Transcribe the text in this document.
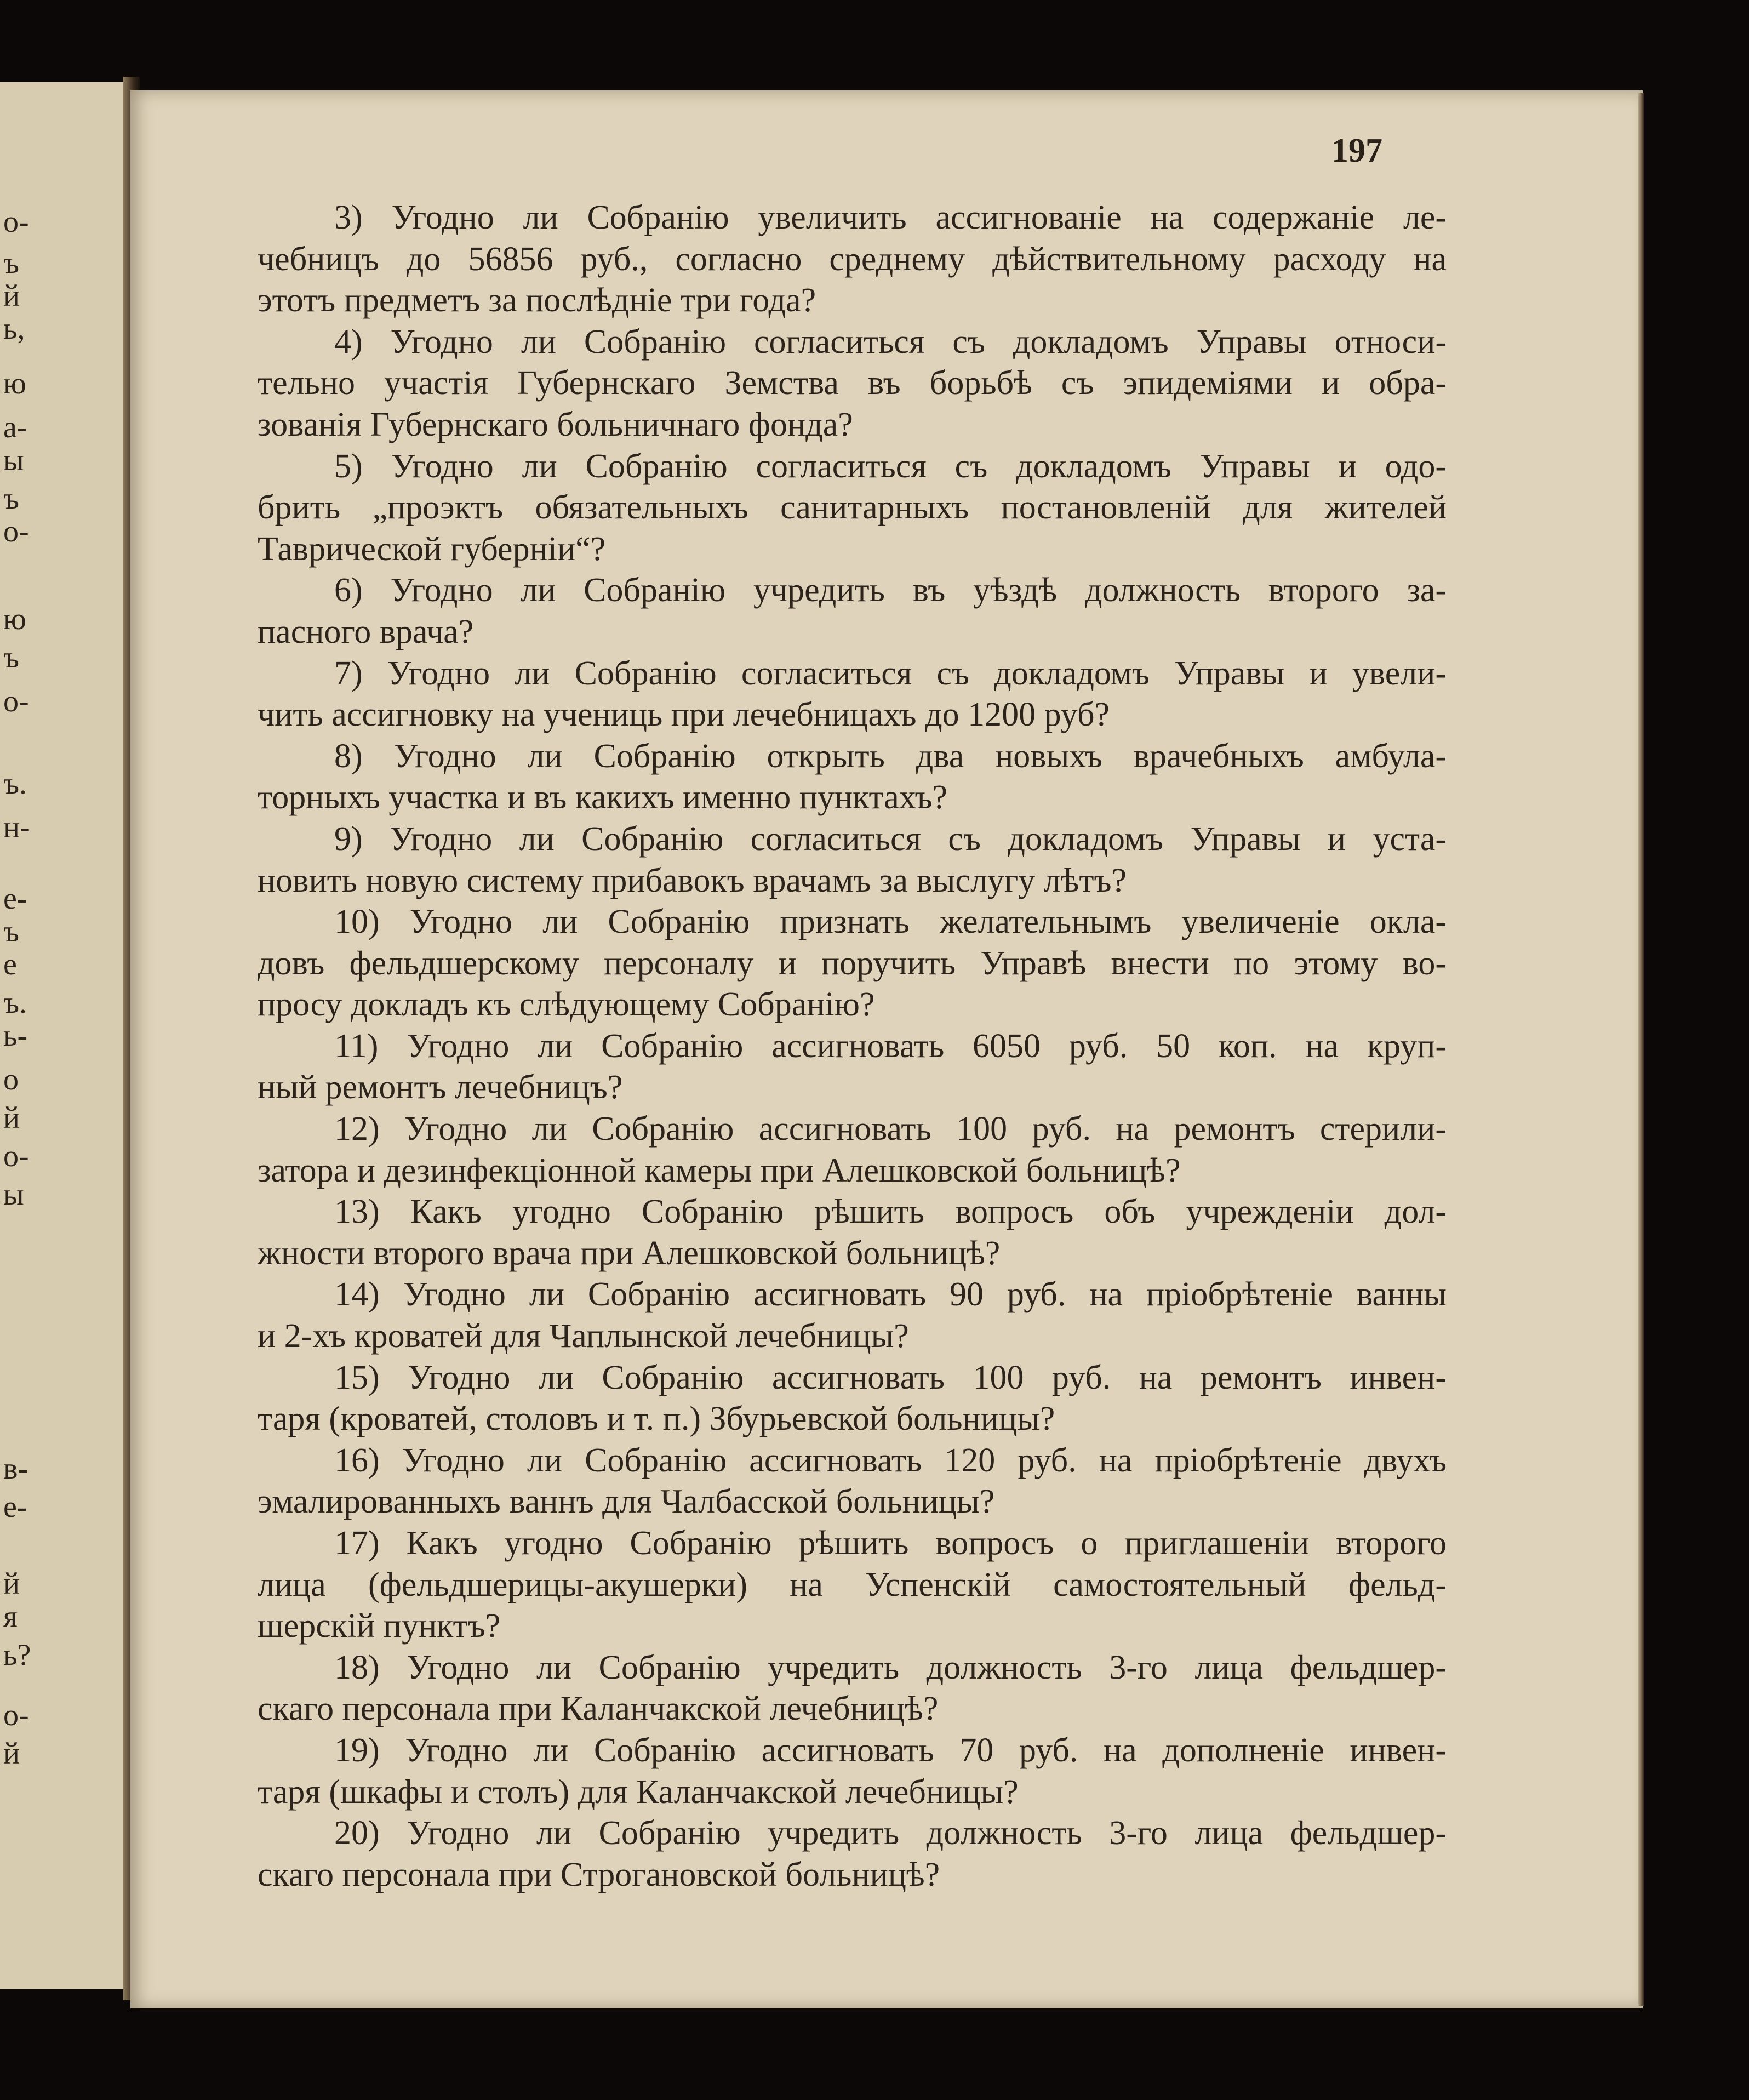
о-
ъ
й
ь,
ю
а-
ы
ъ
о-
ю
ъ
о-
ъ.
н-
е-
ъ
е
ъ.
ь-
о
й
о-
ы
в-
е-
й
я
ь?
о-
й
197
3) Угодно ли Собранію увеличить ассигнованіе на содержаніе ле-
чебницъ до 56856 руб., согласно среднему дѣйствительному расходу на
этотъ предметъ за послѣдніе три года?
4) Угодно ли Собранію согласиться съ докладомъ Управы относи-
тельно участія Губернскаго Земства въ борьбѣ съ эпидеміями и обра-
зованія Губернскаго больничнаго фонда?
5) Угодно ли Собранію согласиться съ докладомъ Управы и одо-
брить „проэктъ обязательныхъ санитарныхъ постановленій для жителей
Таврической губерніи“?
6) Угодно ли Собранію учредить въ уѣздѣ должность второго за-
пасного врача?
7) Угодно ли Собранію согласиться съ докладомъ Управы и увели-
чить ассигновку на учениць при лечебницахъ до 1200 руб?
8) Угодно ли Собранію открыть два новыхъ врачебныхъ амбула-
торныхъ участка и въ какихъ именно пунктахъ?
9) Угодно ли Собранію согласиться съ докладомъ Управы и уста-
новить новую систему прибавокъ врачамъ за выслугу лѣтъ?
10) Угодно ли Собранію признать желательнымъ увеличеніе окла-
довъ фельдшерскому персоналу и поручить Управѣ внести по этому во-
просу докладъ къ слѣдующему Собранію?
11) Угодно ли Собранію ассигновать 6050 руб. 50 коп. на круп-
ный ремонтъ лечебницъ?
12) Угодно ли Собранію ассигновать 100 руб. на ремонтъ стерили-
затора и дезинфекціонной камеры при Алешковской больницѣ?
13) Какъ угодно Собранію рѣшить вопросъ объ учрежденіи дол-
жности второго врача при Алешковской больницѣ?
14) Угодно ли Собранію ассигновать 90 руб. на пріобрѣтеніе ванны
и 2-хъ кроватей для Чаплынской лечебницы?
15) Угодно ли Собранію ассигновать 100 руб. на ремонтъ инвен-
таря (кроватей, столовъ и т. п.) Збурьевской больницы?
16) Угодно ли Собранію ассигновать 120 руб. на пріобрѣтеніе двухъ
эмалированныхъ ваннъ для Чалбасской больницы?
17) Какъ угодно Собранію рѣшить вопросъ о приглашеніи второго
лица (фельдшерицы-акушерки) на Успенскій самостоятельный фельд-
шерскій пунктъ?
18) Угодно ли Собранію учредить должность 3-го лица фельдшер-
скаго персонала при Каланчакской лечебницѣ?
19) Угодно ли Собранію ассигновать 70 руб. на дополненіе инвен-
таря (шкафы и столъ) для Каланчакской лечебницы?
20) Угодно ли Собранію учредить должность 3-го лица фельдшер-
скаго персонала при Строгановской больницѣ?
